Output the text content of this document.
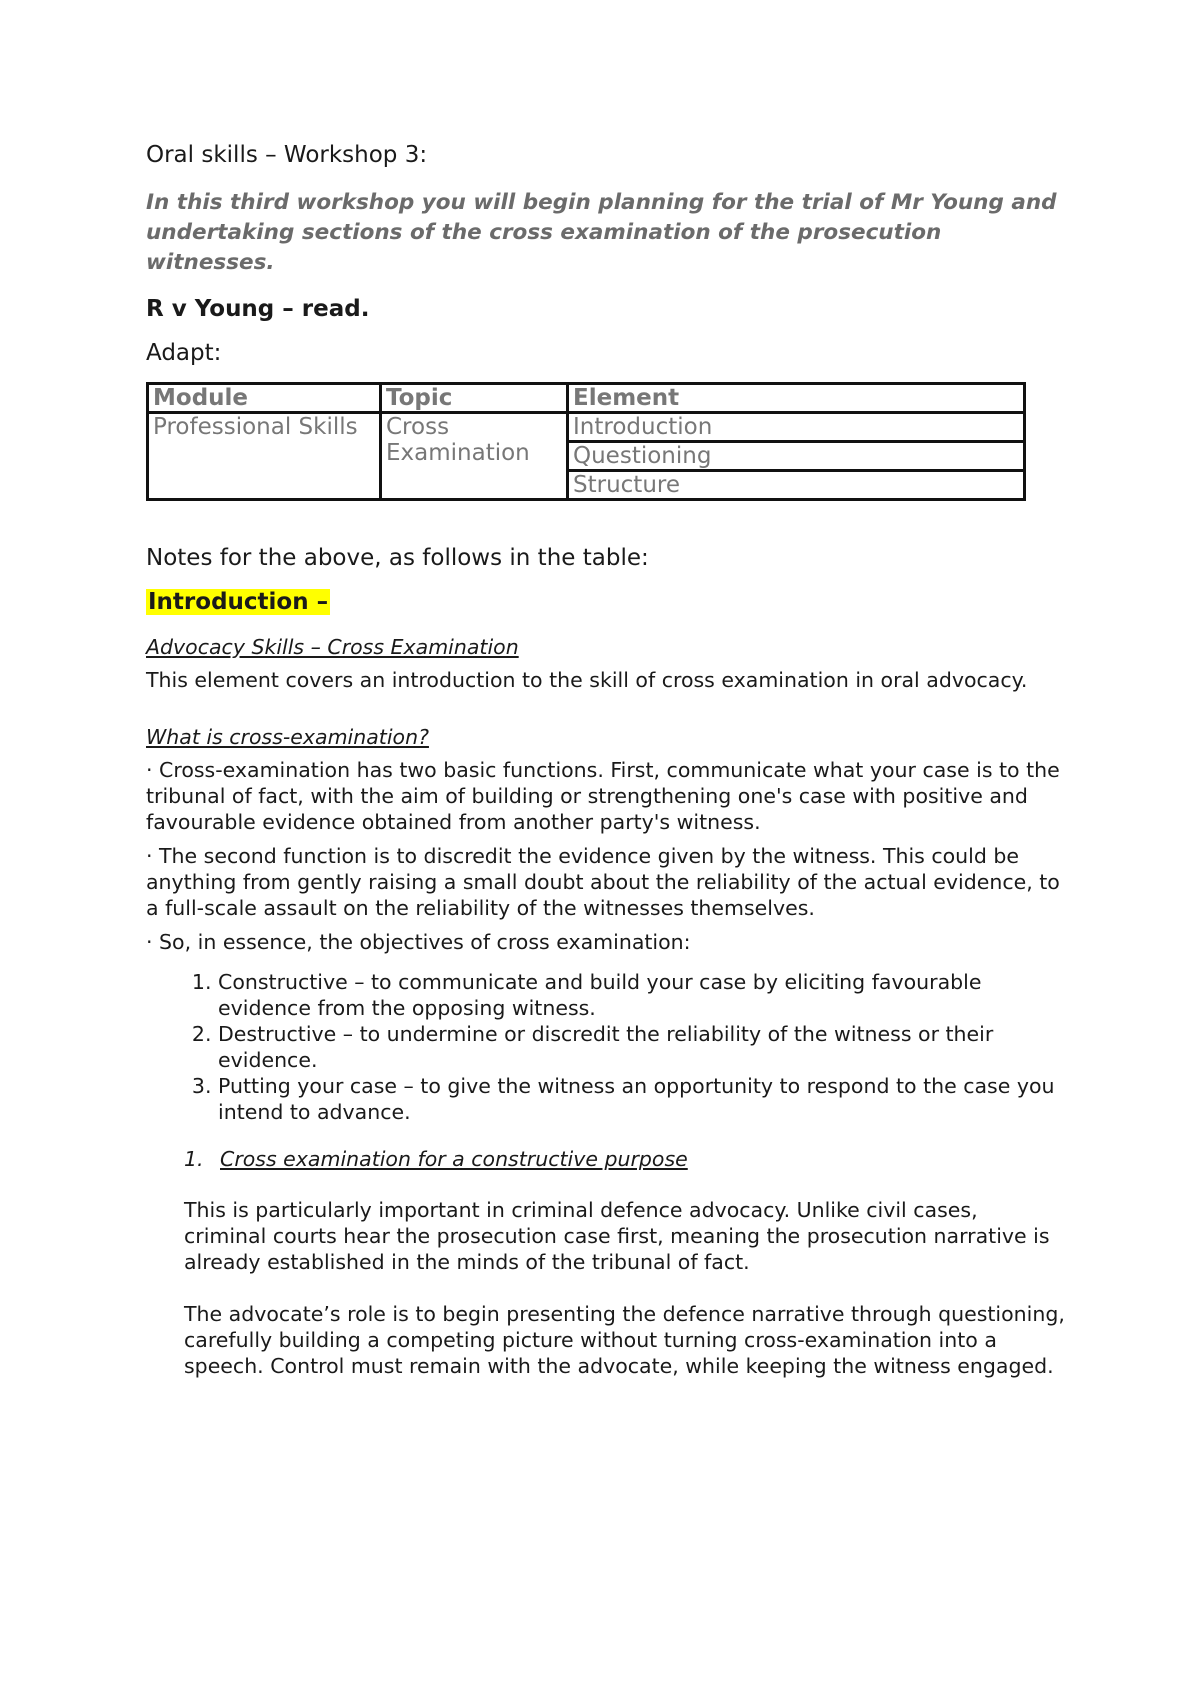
Oral skills – Workshop 3:
In this third workshop you will begin planning for the trial of Mr Young and undertaking sections of the cross examination of the prosecution witnesses.
R v Young – read.
Adapt:
Module	Topic	Element
Professional Skills	Cross Examination	Introduction
		Questioning
		Structure
Notes for the above, as follows in the table:
Introduction –
Advocacy Skills – Cross Examination
This element covers an introduction to the skill of cross examination in oral advocacy.
What is cross-examination?
· Cross-examination has two basic functions. First, communicate what your case is to the tribunal of fact, with the aim of building or strengthening one's case with positive and favourable evidence obtained from another party's witness.
· The second function is to discredit the evidence given by the witness. This could be anything from gently raising a small doubt about the reliability of the actual evidence, to a full-scale assault on the reliability of the witnesses themselves.
· So, in essence, the objectives of cross examination:
1. Constructive – to communicate and build your case by eliciting favourable evidence from the opposing witness.
2. Destructive – to undermine or discredit the reliability of the witness or their evidence.
3. Putting your case – to give the witness an opportunity to respond to the case you intend to advance.
1. Cross examination for a constructive purpose
This is particularly important in criminal defence advocacy. Unlike civil cases, criminal courts hear the prosecution case first, meaning the prosecution narrative is already established in the minds of the tribunal of fact.
The advocate’s role is to begin presenting the defence narrative through questioning, carefully building a competing picture without turning cross-examination into a speech. Control must remain with the advocate, while keeping the witness engaged.
